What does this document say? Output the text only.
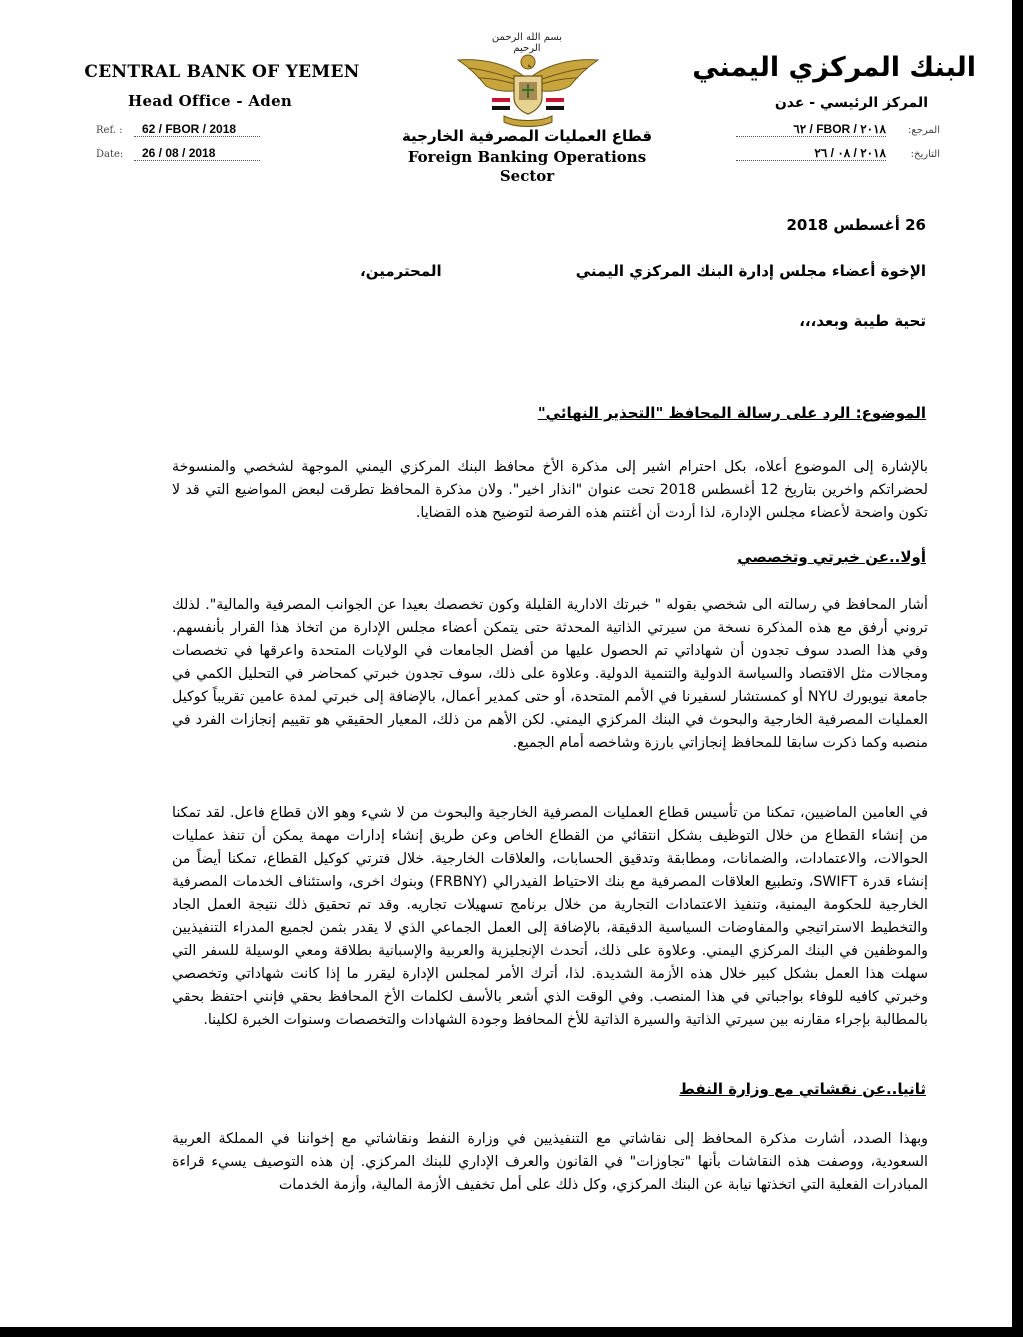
CENTRAL BANK OF YEMEN
Head Office - Aden
Ref. : 62 / FBOR / 2018
Date: 26 / 08 / 2018
بسم الله الرحمن الرحيم
قطاع العمليات المصرفية الخارجية
Foreign Banking Operations Sector
البنك المركزي اليمني
المركز الرئيسي - عدن
المرجع:٢٠١٨ / FBOR / ٦٢
التاريخ:٢٠١٨ / ٠٨ / ٢٦
26 أغسطس 2018
الإخوة أعضاء مجلس إدارة البنك المركزي اليمني
المحترمين،
تحية طيبة وبعد،،،
الموضوع: الرد على رسالة المحافظ "التحذير النهائي"
بالإشارة إلى الموضوع أعلاه، بكل احترام اشير إلى مذكرة الأخ محافظ البنك المركزي اليمني الموجهة لشخصي والمنسوخة لحضراتكم واخرين بتاريخ 12 أغسطس 2018 تحت عنوان "انذار اخير". ولان مذكرة المحافظ تطرقت لبعض المواضيع التي قد لا تكون واضحة لأعضاء مجلس الإدارة، لذا أردت أن أغتنم هذه الفرصة لتوضيح هذه القضايا.
أولا..عن خبرتي وتخصصي
أشار المحافظ في رسالته الى شخصي بقوله " خبرتك الادارية القليلة وكون تخصصك بعيدا عن الجوانب المصرفية والمالية". لذلك تروني أرفق مع هذه المذكرة نسخة من سيرتي الذاتية المحدثة حتى يتمكن أعضاء مجلس الإدارة من اتخاذ هذا القرار بأنفسهم. وفي هذا الصدد سوف تجدون أن شهاداتي تم الحصول عليها من أفضل الجامعات في الولايات المتحدة واعرقها في تخصصات ومجالات مثل الاقتصاد والسياسة الدولية والتنمية الدولية. وعلاوة على ذلك، سوف تجدون خبرتي كمحاضر في التحليل الكمي في جامعة نيويورك NYU أو كمستشار لسفيرنا في الأمم المتحدة، أو حتى كمدير أعمال، بالإضافة إلى خبرتي لمدة عامين تقريباً كوكيل العمليات المصرفية الخارجية والبحوث في البنك المركزي اليمني. لكن الأهم من ذلك، المعيار الحقيقي هو تقييم إنجازات الفرد في منصبه وكما ذكرت سابقا للمحافظ إنجازاتي بارزة وشاخصه أمام الجميع.
في العامين الماضيين، تمكنا من تأسيس قطاع العمليات المصرفية الخارجية والبحوث من لا شيء وهو الان قطاع فاعل. لقد تمكنا من إنشاء القطاع من خلال التوظيف بشكل انتقائي من القطاع الخاص وعن طريق إنشاء إدارات مهمة يمكن أن تنفذ عمليات الحوالات، والاعتمادات، والضمانات، ومطابقة وتدقيق الحسابات، والعلاقات الخارجية. خلال فترتي كوكيل القطاع، تمكنا أيضاً من إنشاء قدرة SWIFT، وتطبيع العلاقات المصرفية مع بنك الاحتياط الفيدرالي (FRBNY) وبنوك اخرى، واستئناف الخدمات المصرفية الخارجية للحكومة اليمنية، وتنفيذ الاعتمادات التجارية من خلال برنامج تسهيلات تجاريه. وقد تم تحقيق ذلك نتيجة العمل الجاد والتخطيط الاستراتيجي والمفاوضات السياسية الدقيقة، بالإضافة إلى العمل الجماعي الذي لا يقدر بثمن لجميع المدراء التنفيذيين والموظفين في البنك المركزي اليمني. وعلاوة على ذلك، أتحدث الإنجليزية والعربية والإسبانية بطلاقة ومعي الوسيلة للسفر التي سهلت هذا العمل بشكل كبير خلال هذه الأزمة الشديدة. لذا، أترك الأمر لمجلس الإدارة ليقرر ما إذا كانت شهاداتي وتخصصي وخبرتي كافيه للوفاء بواجباتي في هذا المنصب. وفي الوقت الذي أشعر بالأسف لكلمات الأخ المحافظ بحقي فإنني احتفظ بحقي بالمطالبة بإجراء مقارنه بين سيرتي الذاتية والسيرة الذاتية للأخ المحافظ وجودة الشهادات والتخصصات وسنوات الخبرة لكلينا.
ثانيا..عن نقشاتي مع وزارة النفط
وبهذا الصدد، أشارت مذكرة المحافظ إلى نقاشاتي مع التنفيذيين في وزارة النفط ونقاشاتي مع إخواننا في المملكة العربية السعودية، ووصفت هذه النقاشات بأنها "تجاوزات" في القانون والعرف الإداري للبنك المركزي. إن هذه التوصيف يسيء قراءة المبادرات الفعلية التي اتخذتها نيابة عن البنك المركزي، وكل ذلك على أمل تخفيف الأزمة المالية، وأزمة الخدمات
